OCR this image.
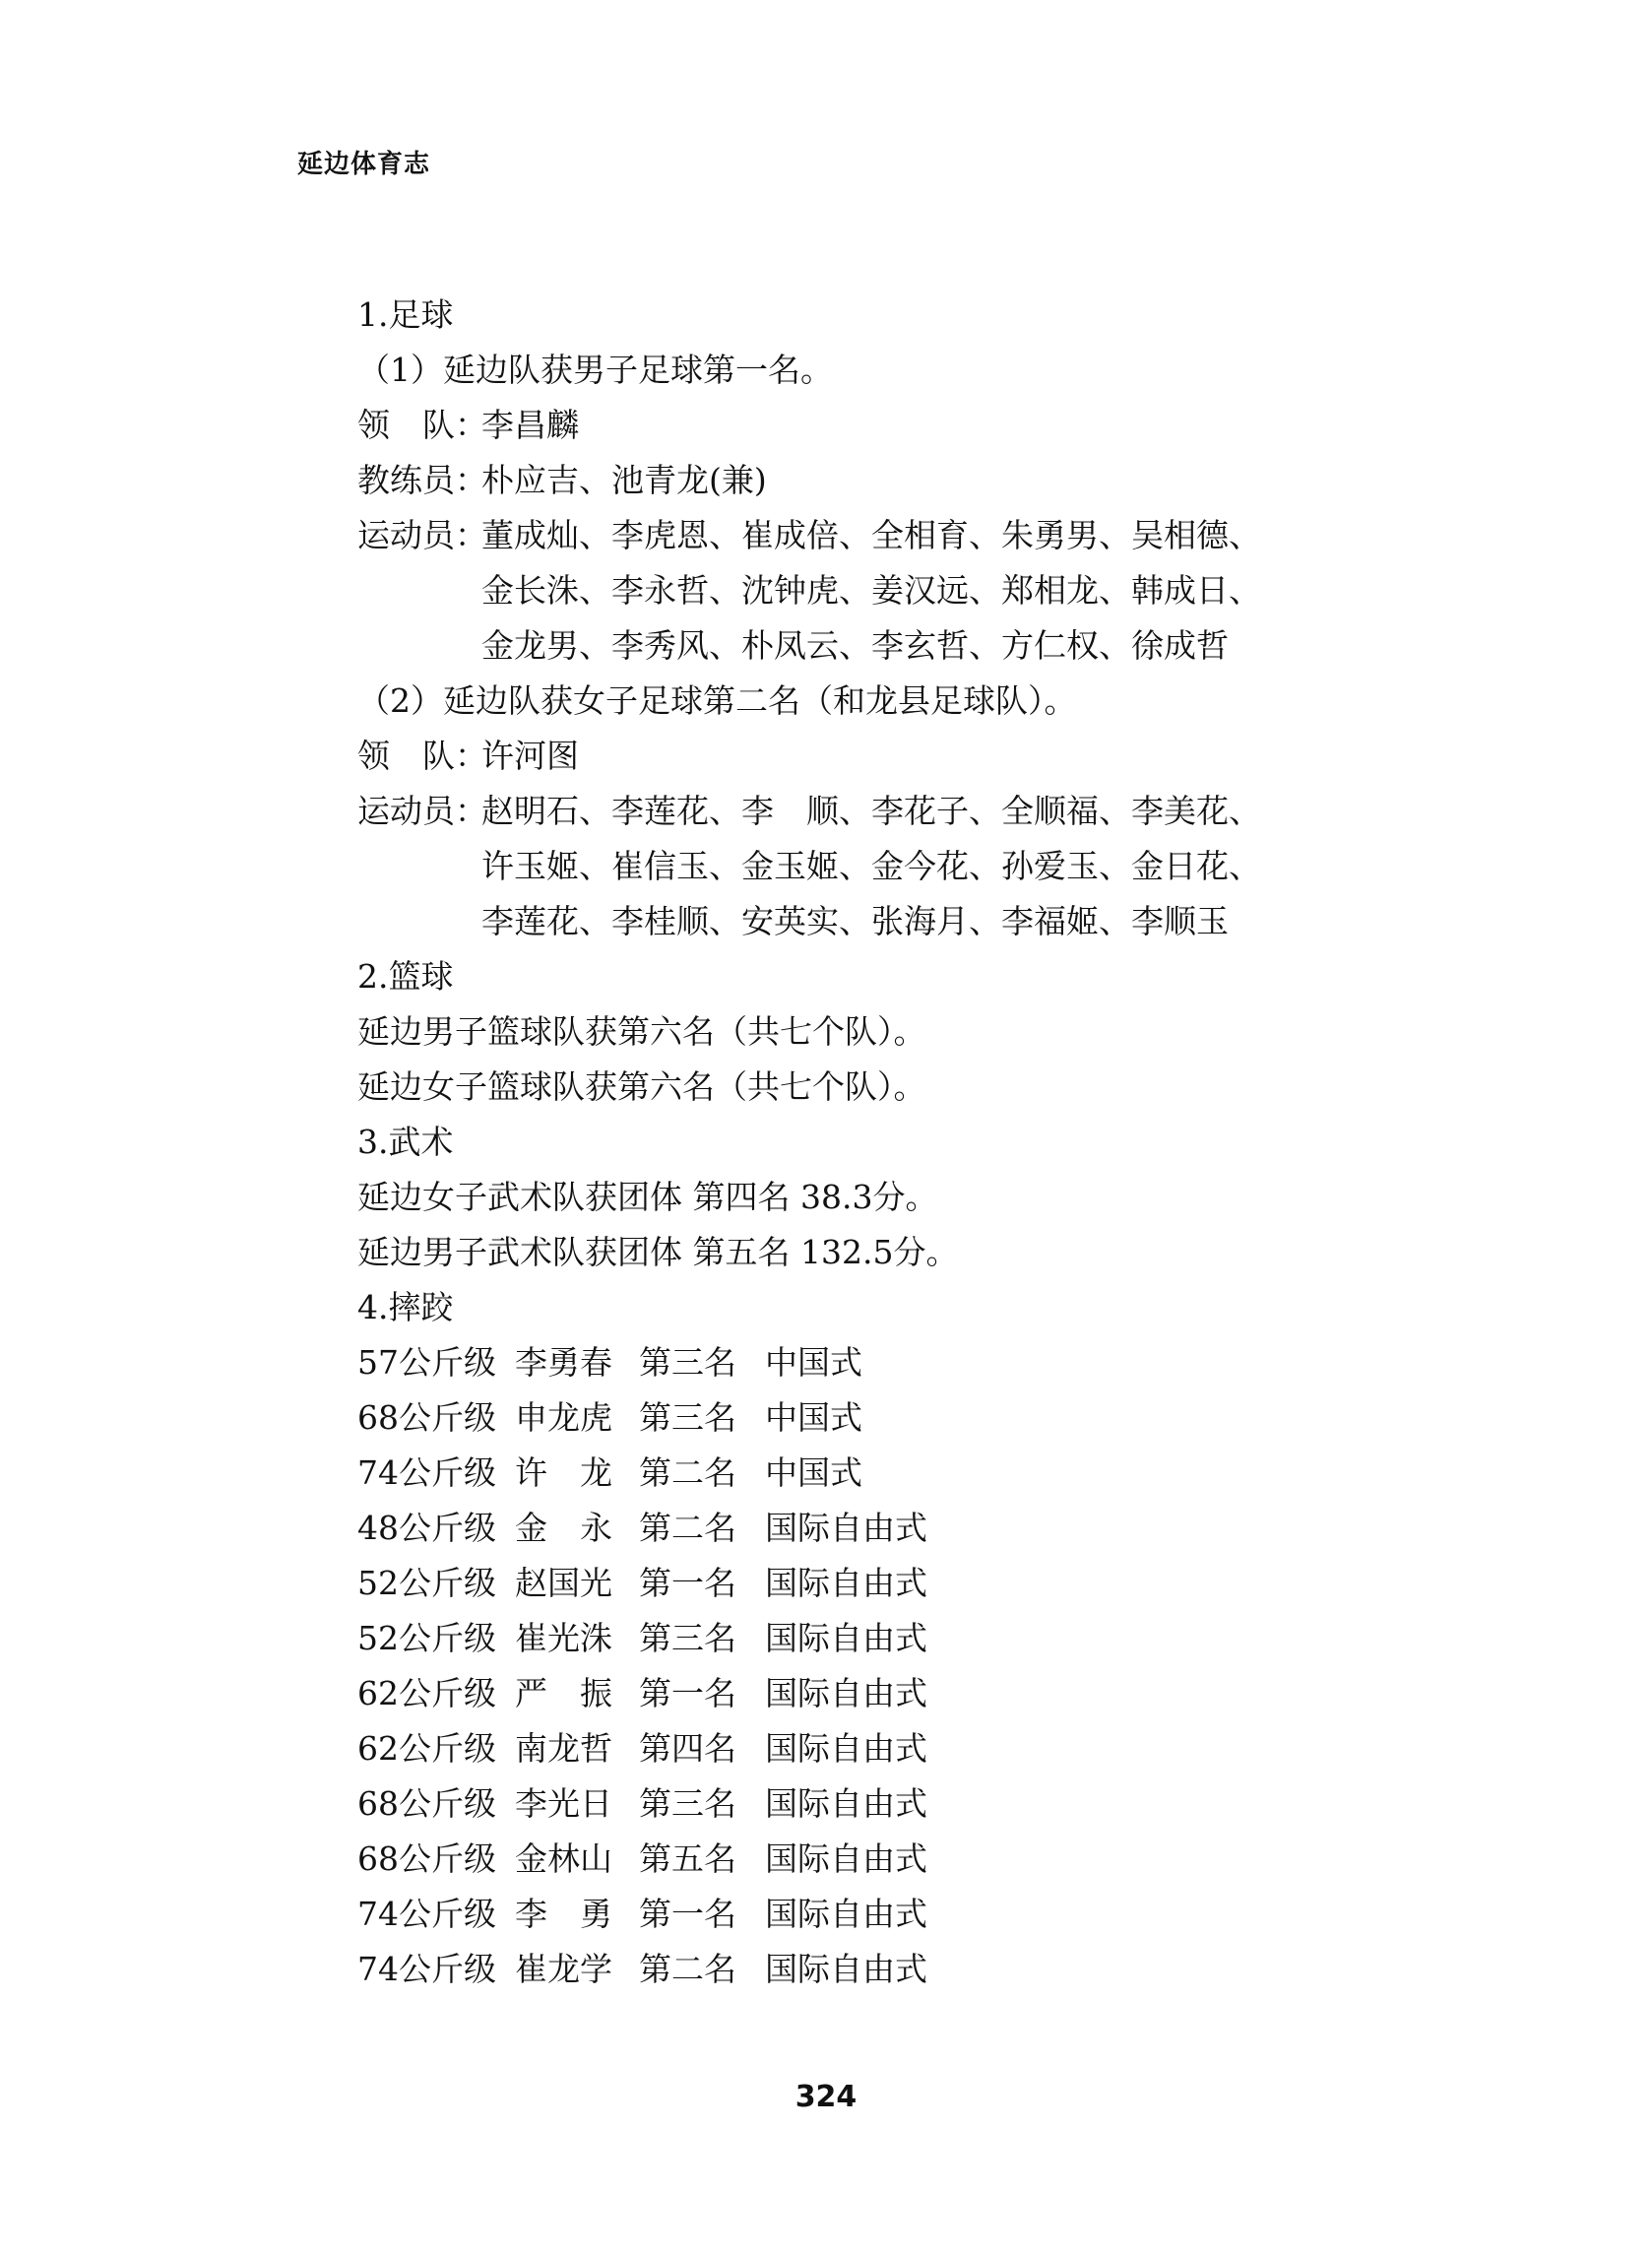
延边体育志
1.足球
（1）延边队获男子足球第一名。
领　队：李昌麟
教练员：朴应吉、池青龙(兼)
运动员：董成灿、李虎恩、崔成倍、全相育、朱勇男、吴相德、
金长洙、李永哲、沈钟虎、姜汉远、郑相龙、韩成日、
金龙男、李秀风、朴凤云、李玄哲、方仁权、徐成哲
（2）延边队获女子足球第二名（和龙县足球队）。
领　队：许河图
运动员：赵明石、李莲花、李　顺、李花子、全顺福、李美花、
许玉姬、崔信玉、金玉姬、金今花、孙爱玉、金日花、
李莲花、李桂顺、安英实、张海月、李福姬、李顺玉
2.篮球
延边男子篮球队获第六名（共七个队）。
延边女子篮球队获第六名（共七个队）。
3.武术
延边女子武术队获团体 第四名 38.3分。
延边男子武术队获团体 第五名 132.5分。
4.摔跤
57公斤级 李勇春 第三名 中国式
68公斤级 申龙虎 第三名 中国式
74公斤级 许　龙 第二名 中国式
48公斤级 金　永 第二名 国际自由式
52公斤级 赵国光 第一名 国际自由式
52公斤级 崔光洙 第三名 国际自由式
62公斤级 严　振 第一名 国际自由式
62公斤级 南龙哲 第四名 国际自由式
68公斤级 李光日 第三名 国际自由式
68公斤级 金林山 第五名 国际自由式
74公斤级 李　勇 第一名 国际自由式
74公斤级 崔龙学 第二名 国际自由式
324
